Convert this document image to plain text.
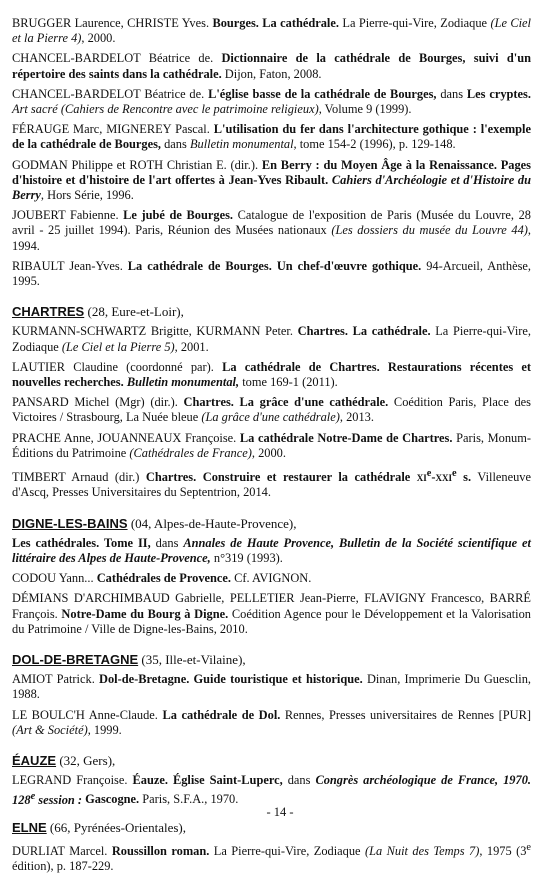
BRUGGER Laurence, CHRISTE Yves. Bourges. La cathédrale. La Pierre-qui-Vire, Zodiaque (Le Ciel et la Pierre 4), 2000.

CHANCEL-BARDELOT Béatrice de. Dictionnaire de la cathédrale de Bourges, suivi d'un répertoire des saints dans la cathédrale. Dijon, Faton, 2008.

CHANCEL-BARDELOT Béatrice de. L'église basse de la cathédrale de Bourges, dans Les cryptes. Art sacré (Cahiers de Rencontre avec le patrimoine religieux), Volume 9 (1999).

FÉRAUGE Marc, MIGNEREY Pascal. L'utilisation du fer dans l'architecture gothique : l'exemple de la cathédrale de Bourges, dans Bulletin monumental, tome 154-2 (1996), p. 129-148.

GODMAN Philippe et ROTH Christian E. (dir.). En Berry : du Moyen Âge à la Renaissance. Pages d'histoire et d'histoire de l'art offertes à Jean-Yves Ribault. Cahiers d'Archéologie et d'Histoire du Berry, Hors Série, 1996.

JOUBERT Fabienne. Le jubé de Bourges. Catalogue de l'exposition de Paris (Musée du Louvre, 28 avril - 25 juillet 1994). Paris, Réunion des Musées nationaux (Les dossiers du musée du Louvre 44), 1994.

RIBAULT Jean-Yves. La cathédrale de Bourges. Un chef-d'œuvre gothique. 94-Arcueil, Anthèse, 1995.

CHARTRES (28, Eure-et-Loir),

KURMANN-SCHWARTZ Brigitte, KURMANN Peter. Chartres. La cathédrale. La Pierre-qui-Vire, Zodiaque (Le Ciel et la Pierre 5), 2001.

LAUTIER Claudine (coordonné par). La cathédrale de Chartres. Restaurations récentes et nouvelles recherches. Bulletin monumental, tome 169-1 (2011).

PANSARD Michel (Mgr) (dir.). Chartres. La grâce d'une cathédrale. Coédition Paris, Place des Victoires / Strasbourg, La Nuée bleue (La grâce d'une cathédrale), 2013.

PRACHE Anne, JOUANNEAUX Françoise. La cathédrale Notre-Dame de Chartres. Paris, Monum-Éditions du Patrimoine (Cathédrales de France), 2000.

TIMBERT Arnaud (dir.) Chartres. Construire et restaurer la cathédrale $xi^e-xxi^e$ s. Villeneuve d'Ascq, Presses Universitaires du Septentrion, 2014.

DIGNE-LES-BAINS (04, Alpes-de-Haute-Provence),

Les cathédrales. Tome II, dans Annales de Haute Provence, Bulletin de la Société scientifique et littéraire des Alpes de Haute-Provence, n°319 (1993).

CODOU Yann... Cathédrales de Provence. Cf. AVIGNON.

DÉMIANS D'ARCHIMBAUD Gabrielle, PELLETIER Jean-Pierre, FLAVIGNY Francesco, BARRÉ François. Notre-Dame du Bourg à Digne. Coédition Agence pour le Développement et la Valorisation du Patrimoine / Ville de Digne-les-Bains, 2010.

DOL-DE-BRETAGNE (35, Ille-et-Vilaine),

AMIOT Patrick. Dol-de-Bretagne. Guide touristique et historique. Dinan, Imprimerie Du Guesclin, 1988.

LE BOULC'H Anne-Claude. La cathédrale de Dol. Rennes, Presses universitaires de Rennes [PUR] (Art & Société), 1999.

ÉAUZE (32, Gers),

LEGRAND Françoise. Éauze. Église Saint-Luperc, dans Congrès archéologique de France, 1970. 128e session : Gascogne. Paris, S.F.A., 1970.

ELNE (66, Pyrénées-Orientales),

DURLIAT Marcel. Roussillon roman. La Pierre-qui-Vire, Zodiaque (La Nuit des Temps 7), 1975 (3e édition), p. 187-229.

- 14 -
